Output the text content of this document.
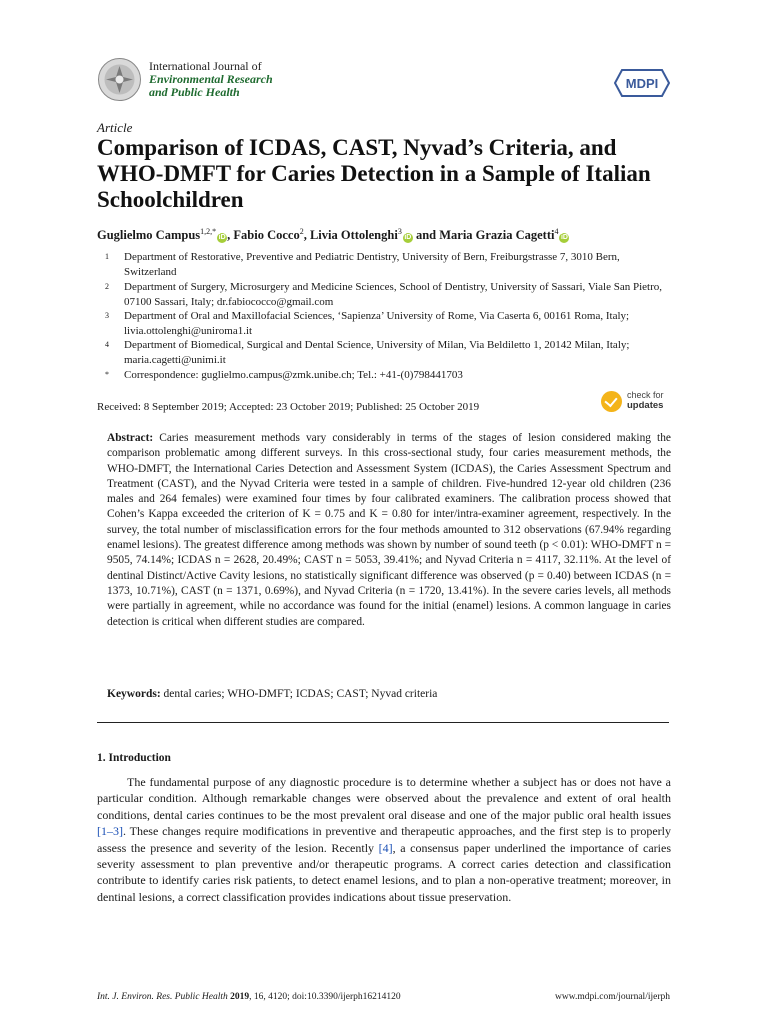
International Journal of
Environmental Research
and Public Health
MDPI
Article
Comparison of ICDAS, CAST, Nyvad’s Criteria, and WHO-DMFT for Caries Detection in a Sample of Italian Schoolchildren
Guglielmo Campus$^{1,2,*}$iD , Fabio Cocco$^2$, Livia Ottolenghi$^3$iD and Maria Grazia Cagetti$^4$iD
1 Department of Restorative, Preventive and Pediatric Dentistry, University of Bern, Freiburgstrasse 7, 3010 Bern, Switzerland
2 Department of Surgery, Microsurgery and Medicine Sciences, School of Dentistry, University of Sassari, Viale San Pietro, 07100 Sassari, Italy; dr.fabiococco@gmail.com
3 Department of Oral and Maxillofacial Sciences, ‘Sapienza’ University of Rome, Via Caserta 6, 00161 Roma, Italy; livia.ottolenghi@uniroma1.it
4 Department of Biomedical, Surgical and Dental Science, University of Milan, Via Beldiletto 1, 20142 Milan, Italy; maria.cagetti@unimi.it
* Correspondence: guglielmo.campus@zmk.unibe.ch; Tel.: +41-(0)798441703
Received: 8 September 2019; Accepted: 23 October 2019; Published: 25 October 2019
check for
updates
Abstract: Caries measurement methods vary considerably in terms of the stages of lesion considered making the comparison problematic among different surveys. In this cross-sectional study, four caries measurement methods, the WHO-DMFT, the International Caries Detection and Assessment System (ICDAS), the Caries Assessment Spectrum and Treatment (CAST), and the Nyvad Criteria were tested in a sample of children. Five-hundred 12-year old children (236 males and 264 females) were examined four times by four calibrated examiners. The calibration process showed that Cohen’s Kappa exceeded the criterion of K = 0.75 and K = 0.80 for inter/intra-examiner agreement, respectively. In the survey, the total number of misclassification errors for the four methods amounted to 312 observations (67.94% regarding enamel lesions). The greatest difference among methods was shown by number of sound teeth (p < 0.01): WHO-DMFT n = 9505, 74.14%; ICDAS n = 2628, 20.49%; CAST n = 5053, 39.41%; and Nyvad Criteria n = 4117, 32.11%. At the level of dentinal Distinct/Active Cavity lesions, no statistically significant difference was observed (p = 0.40) between ICDAS (n = 1373, 10.71%), CAST (n = 1371, 0.69%), and Nyvad Criteria (n = 1720, 13.41%). In the severe caries levels, all methods were partially in agreement, while no accordance was found for the initial (enamel) lesions. A common language in caries detection is critical when different studies are compared.
Keywords: dental caries; WHO-DMFT; ICDAS; CAST; Nyvad criteria
1. Introduction
The fundamental purpose of any diagnostic procedure is to determine whether a subject has or does not have a particular condition. Although remarkable changes were observed about the prevalence and extent of oral health conditions, dental caries continues to be the most prevalent oral disease and one of the major public oral health issues [1–3]. These changes require modifications in preventive and therapeutic approaches, and the first step is to properly assess the presence and severity of the lesion. Recently [4], a consensus paper underlined the importance of caries severity assessment to plan preventive and/or therapeutic programs. A correct caries detection and classification contribute to identify caries risk patients, to detect enamel lesions, and to plan a non-operative treatment; moreover, in dentinal lesions, a correct classification provides indications about tissue preservation.
Int. J. Environ. Res. Public Health 2019, 16, 4120; doi:10.3390/ijerph16214120	www.mdpi.com/journal/ijerph
